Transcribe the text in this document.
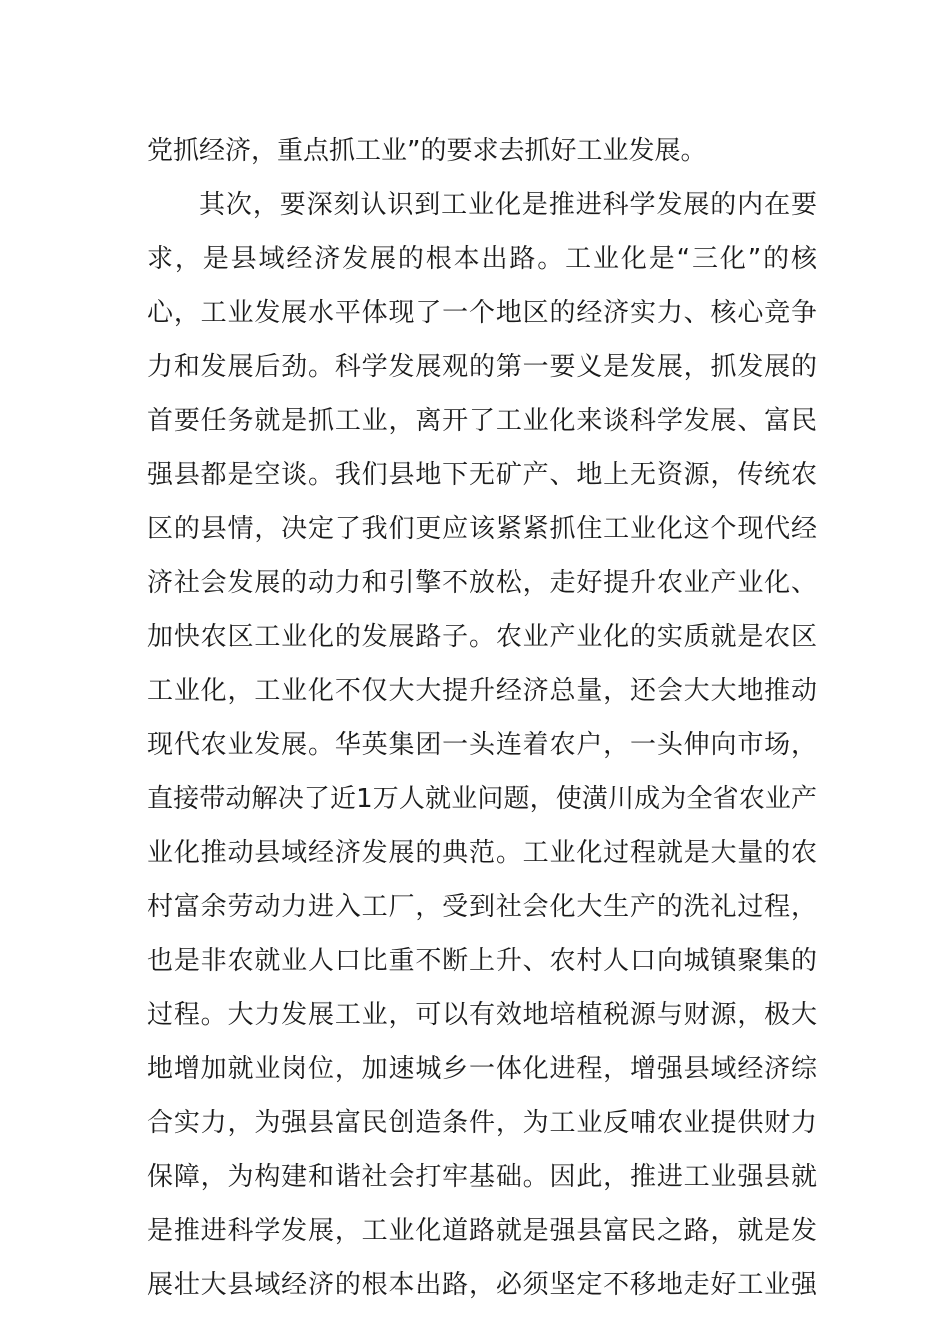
党抓经济，重点抓工业”的要求去抓好工业发展。
其次，要深刻认识到工业化是推进科学发展的内在要
求，是县域经济发展的根本出路。工业化是“三化”的核
心，工业发展水平体现了一个地区的经济实力、核心竞争
力和发展后劲。科学发展观的第一要义是发展，抓发展的
首要任务就是抓工业，离开了工业化来谈科学发展、富民
强县都是空谈。我们县地下无矿产、地上无资源，传统农
区的县情，决定了我们更应该紧紧抓住工业化这个现代经
济社会发展的动力和引擎不放松，走好提升农业产业化、
加快农区工业化的发展路子。农业产业化的实质就是农区
工业化，工业化不仅大大提升经济总量，还会大大地推动
现代农业发展。华英集团一头连着农户，一头伸向市场，
直接带动解决了近1万人就业问题，使潢川成为全省农业产
业化推动县域经济发展的典范。工业化过程就是大量的农
村富余劳动力进入工厂，受到社会化大生产的洗礼过程，
也是非农就业人口比重不断上升、农村人口向城镇聚集的
过程。大力发展工业，可以有效地培植税源与财源，极大
地增加就业岗位，加速城乡一体化进程，增强县域经济综
合实力，为强县富民创造条件，为工业反哺农业提供财力
保障，为构建和谐社会打牢基础。因此，推进工业强县就
是推进科学发展，工业化道路就是强县富民之路，就是发
展壮大县域经济的根本出路，必须坚定不移地走好工业强
